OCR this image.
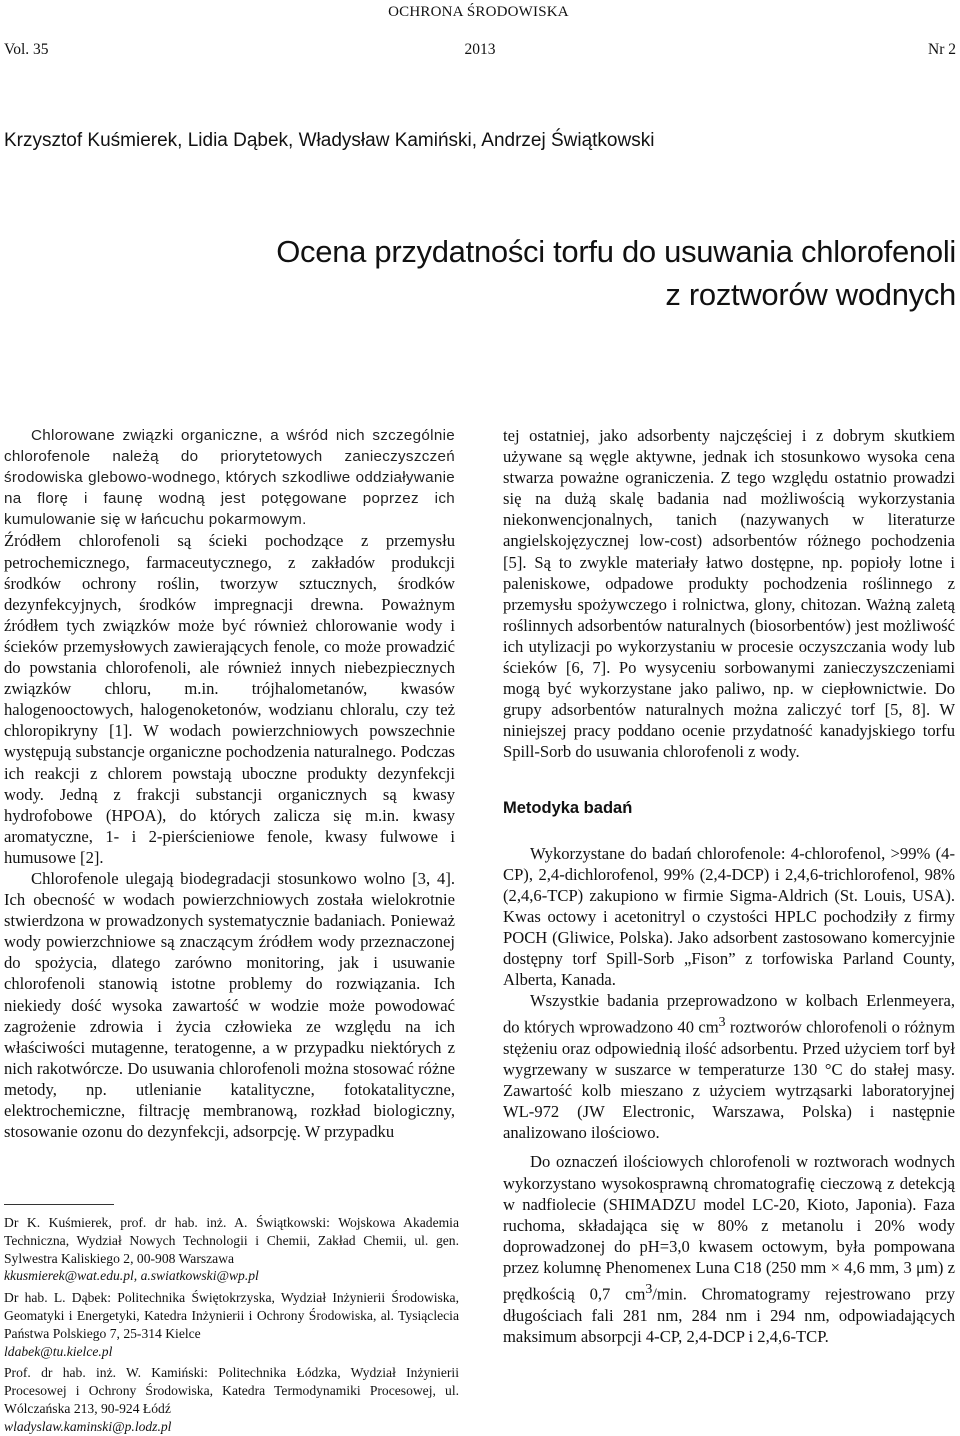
OCHRONA ŚRODOWISKA
Vol. 35	2013	Nr 2
Krzysztof Kuśmierek, Lidia Dąbek, Władysław Kamiński, Andrzej Świątkowski
Ocena przydatności torfu do usuwania chlorofenoli
z roztworów wodnych

Chlorowane związki organiczne, a wśród nich szczególnie chlorofenole należą do priorytetowych zanieczyszczeń środowiska glebowo-wodnego, których szkodliwe oddziaływanie na florę i faunę wodną jest potęgowane poprzez ich kumulowanie się w łańcuchu pokarmowym.

Źródłem chlorofenoli są ścieki pochodzące z przemysłu petrochemicznego, farmaceutycznego, z zakładów produkcji środków ochrony roślin, tworzyw sztucznych, środków dezynfekcyjnych, środków impregnacji drewna. Poważnym źródłem tych związków może być również chlorowanie wody i ścieków przemysłowych zawierających fenole, co może prowadzić do powstania chlorofenoli, ale również innych niebezpiecznych związków chloru, m.in. trójhalometanów, kwasów halogenooctowych, halogenoketonów, wodzianu chloralu, czy też chloropikryny [1]. W wodach powierzchniowych powszechnie występują substancje organiczne pochodzenia naturalnego. Podczas ich reakcji z chlorem powstają uboczne produkty dezynfekcji wody. Jedną z frakcji substancji organicznych są kwasy hydrofobowe (HPOA), do których zalicza się m.in. kwasy aromatyczne, 1- i 2-pierścieniowe fenole, kwasy fulwowe i humusowe [2].

Chlorofenole ulegają biodegradacji stosunkowo wolno [3, 4]. Ich obecność w wodach powierzchniowych została wielokrotnie stwierdzona w prowadzonych systematycznie badaniach. Ponieważ wody powierzchniowe są znaczącym źródłem wody przeznaczonej do spożycia, dlatego zarówno monitoring, jak i usuwanie chlorofenoli stanowią istotne problemy do rozwiązania. Ich niekiedy dość wysoka zawartość w wodzie może powodować zagrożenie zdrowia i życia człowieka ze względu na ich właściwości mutagenne, teratogenne, a w przypadku niektórych z nich rakotwórcze. Do usuwania chlorofenoli można stosować różne metody, np. utlenianie katalityczne, fotokatalityczne, elektrochemiczne, filtrację membranową, rozkład biologiczny, stosowanie ozonu do dezynfekcji, adsorpcję. W przypadku

Dr K. Kuśmierek, prof. dr hab. inż. A. Świątkowski: Wojskowa Akademia Techniczna, Wydział Nowych Technologii i Chemii, Zakład Chemii, ul. gen. Sylwestra Kaliskiego 2, 00-908 Warszawa

kkusmierek@wat.edu.pl, a.swiatkowski@wp.pl

Dr hab. L. Dąbek: Politechnika Świętokrzyska, Wydział Inżynierii Środowiska, Geomatyki i Energetyki, Katedra Inżynierii i Ochrony Środowiska, al. Tysiąclecia Państwa Polskiego 7, 25-314 Kielce

ldabek@tu.kielce.pl

Prof. dr hab. inż. W. Kamiński: Politechnika Łódzka, Wydział Inżynierii Procesowej i Ochrony Środowiska, Katedra Termodynamiki Procesowej, ul. Wólczańska 213, 90-924 Łódź

wladyslaw.kaminski@p.lodz.pl

tej ostatniej, jako adsorbenty najczęściej i z dobrym skutkiem używane są węgle aktywne, jednak ich stosunkowo wysoka cena stwarza poważne ograniczenia. Z tego względu ostatnio prowadzi się na dużą skalę badania nad możliwością wykorzystania niekonwencjonalnych, tanich (nazywanych w literaturze angielskojęzycznej low-cost) adsorbentów różnego pochodzenia [5]. Są to zwykle materiały łatwo dostępne, np. popioły lotne i paleniskowe, odpadowe produkty pochodzenia roślinnego z przemysłu spożywczego i rolnictwa, glony, chitozan. Ważną zaletą roślinnych adsorbentów naturalnych (biosorbentów) jest możliwość ich utylizacji po wykorzystaniu w procesie oczyszczania wody lub ścieków [6, 7]. Po wysyceniu sorbowanymi zanieczyszczeniami mogą być wykorzystane jako paliwo, np. w ciepłownictwie. Do grupy adsorbentów naturalnych można zaliczyć torf [5, 8]. W niniejszej pracy poddano ocenie przydatność kanadyjskiego torfu Spill-Sorb do usuwania chlorofenoli z wody.

Metodyka badań

Wykorzystane do badań chlorofenole: 4-chlorofenol, >99% (4-CP), 2,4-dichlorofenol, 99% (2,4-DCP) i 2,4,6-trichlorofenol, 98% (2,4,6-TCP) zakupiono w firmie Sigma-Aldrich (St. Louis, USA). Kwas octowy i acetonitryl o czystości HPLC pochodziły z firmy POCH (Gliwice, Polska). Jako adsorbent zastosowano komercyjnie dostępny torf Spill-Sorb „Fison” z torfowiska Parland County, Alberta, Kanada.

Wszystkie badania przeprowadzono w kolbach Erlenmeyera, do których wprowadzono 40 $cm^3$ roztworów chlorofenoli o różnym stężeniu oraz odpowiednią ilość adsorbentu. Przed użyciem torf był wygrzewany w suszarce w temperaturze 130 °C do stałej masy. Zawartość kolb mieszano z użyciem wytrząsarki laboratoryjnej WL-972 (JW Electronic, Warszawa, Polska) i następnie analizowano ilościowo.

Do oznaczeń ilościowych chlorofenoli w roztworach wodnych wykorzystano wysokosprawną chromatografię cieczową z detekcją w nadfiolecie (SHIMADZU model LC-20, Kioto, Japonia). Faza ruchoma, składająca się w 80% z metanolu i 20% wody doprowadzonej do pH=3,0 kwasem octowym, była pompowana przez kolumnę Phenomenex Luna C18 (250 mm × 4,6 mm, 3 μm) z prędkością 0,7 $cm^3/\min$. Chromatogramy rejestrowano przy długościach fali 281 nm, 284 nm i 294 nm, odpowiadających maksimum absorpcji 4-CP, 2,4-DCP i 2,4,6-TCP.
